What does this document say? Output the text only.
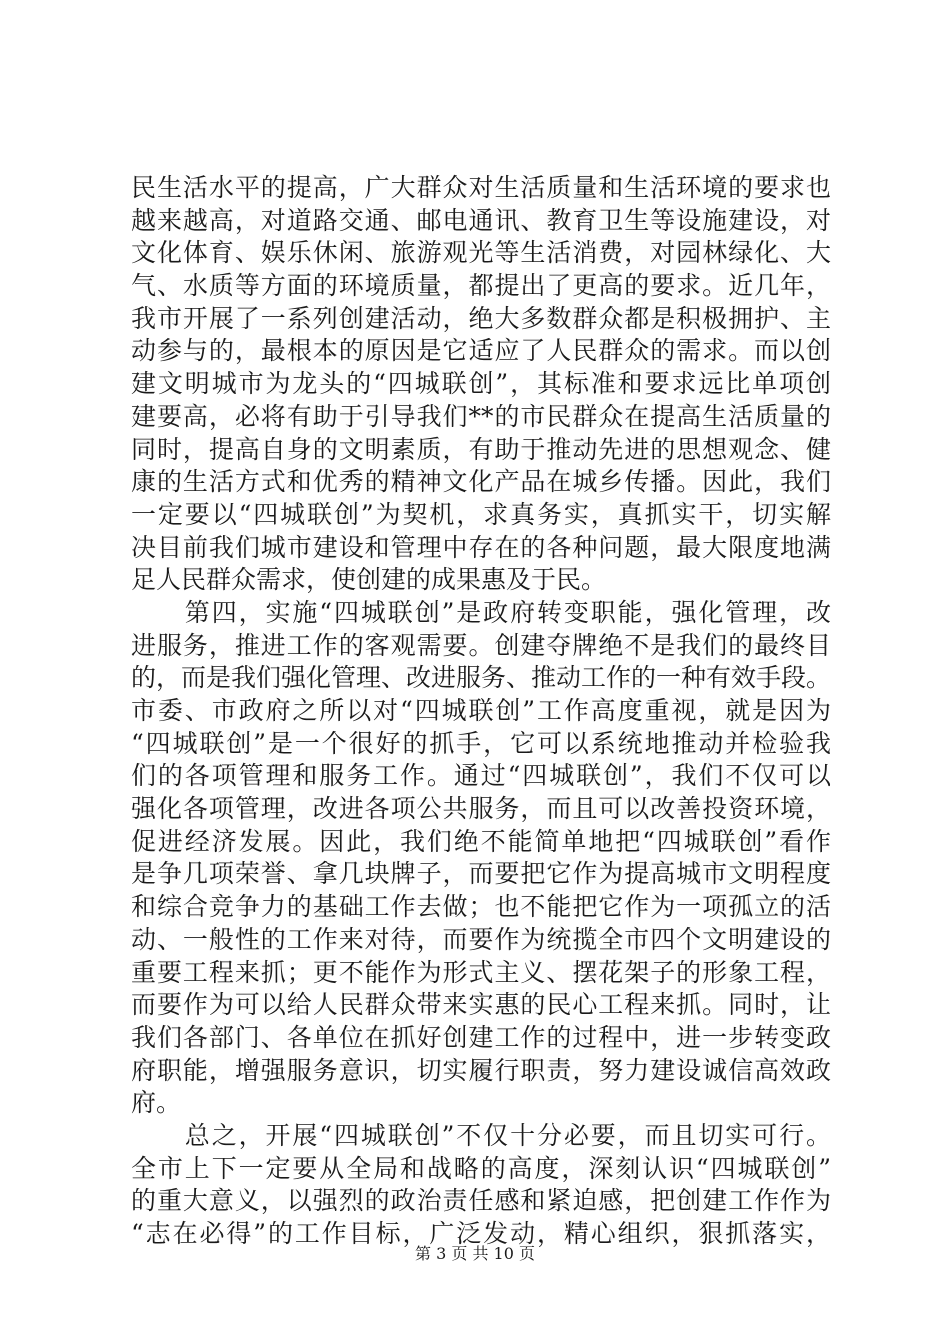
民生活水平的提高，广大群众对生活质量和生活环境的要求也
越来越高，对道路交通、邮电通讯、教育卫生等设施建设，对
文化体育、娱乐休闲、旅游观光等生活消费，对园林绿化、大
气、水质等方面的环境质量，都提出了更高的要求。近几年，
我市开展了一系列创建活动，绝大多数群众都是积极拥护、主
动参与的，最根本的原因是它适应了人民群众的需求。而以创
建文明城市为龙头的“四城联创”，其标准和要求远比单项创
建要高，必将有助于引导我们**的市民群众在提高生活质量的
同时，提高自身的文明素质，有助于推动先进的思想观念、健
康的生活方式和优秀的精神文化产品在城乡传播。因此，我们
一定要以“四城联创”为契机，求真务实，真抓实干，切实解
决目前我们城市建设和管理中存在的各种问题，最大限度地满
足人民群众需求，使创建的成果惠及于民。
　　第四，实施“四城联创”是政府转变职能，强化管理，改
进服务，推进工作的客观需要。创建夺牌绝不是我们的最终目
的，而是我们强化管理、改进服务、推动工作的一种有效手段。
市委、市政府之所以对“四城联创”工作高度重视，就是因为
“四城联创”是一个很好的抓手，它可以系统地推动并检验我
们的各项管理和服务工作。通过“四城联创”，我们不仅可以
强化各项管理，改进各项公共服务，而且可以改善投资环境，
促进经济发展。因此，我们绝不能简单地把“四城联创”看作
是争几项荣誉、拿几块牌子，而要把它作为提高城市文明程度
和综合竞争力的基础工作去做；也不能把它作为一项孤立的活
动、一般性的工作来对待，而要作为统揽全市四个文明建设的
重要工程来抓；更不能作为形式主义、摆花架子的形象工程，
而要作为可以给人民群众带来实惠的民心工程来抓。同时，让
我们各部门、各单位在抓好创建工作的过程中，进一步转变政
府职能，增强服务意识，切实履行职责，努力建设诚信高效政
府。
　　总之，开展“四城联创”不仅十分必要，而且切实可行。
全市上下一定要从全局和战略的高度，深刻认识“四城联创”
的重大意义，以强烈的政治责任感和紧迫感，把创建工作作为
“志在必得”的工作目标，广泛发动，精心组织，狠抓落实，
第 3 页 共 10 页
